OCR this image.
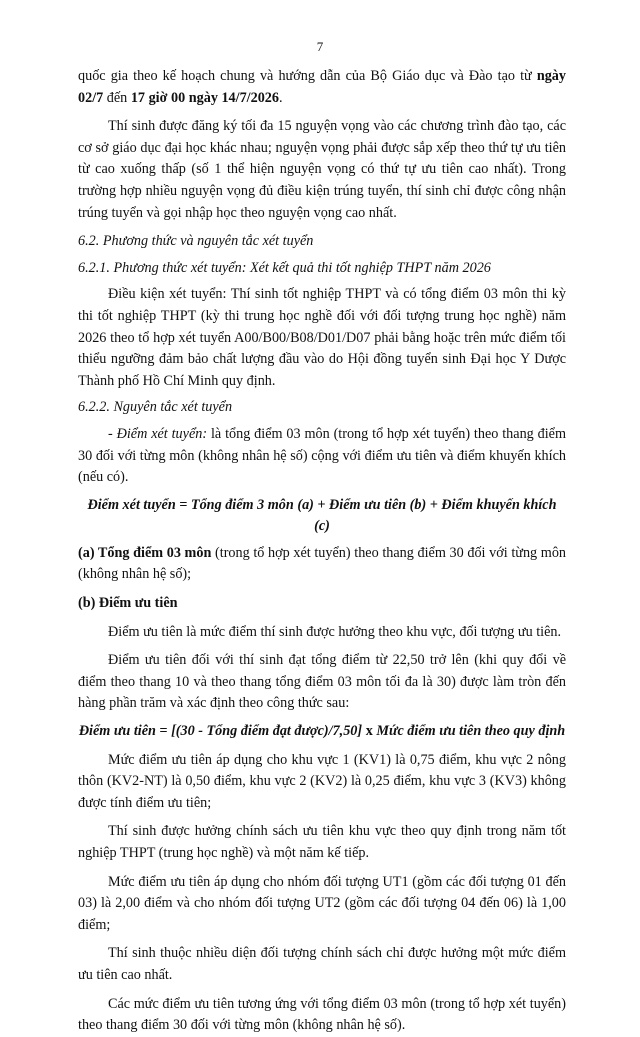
7

quốc gia theo kế hoạch chung và hướng dẫn của Bộ Giáo dục và Đào tạo từ ngày 02/7 đến 17 giờ 00 ngày 14/7/2026.

Thí sinh được đăng ký tối đa 15 nguyện vọng vào các chương trình đào tạo, các cơ sở giáo dục đại học khác nhau; nguyện vọng phải được sắp xếp theo thứ tự ưu tiên từ cao xuống thấp (số 1 thể hiện nguyện vọng có thứ tự ưu tiên cao nhất). Trong trường hợp nhiều nguyện vọng đủ điều kiện trúng tuyển, thí sinh chỉ được công nhận trúng tuyển và gọi nhập học theo nguyện vọng cao nhất.

6.2. Phương thức và nguyên tắc xét tuyển

6.2.1. Phương thức xét tuyển: Xét kết quả thi tốt nghiệp THPT năm 2026

Điều kiện xét tuyển: Thí sinh tốt nghiệp THPT và có tổng điểm 03 môn thi kỳ thi tốt nghiệp THPT (kỳ thi trung học nghề đối với đối tượng trung học nghề) năm 2026 theo tổ hợp xét tuyển A00/B00/B08/D01/D07 phải bằng hoặc trên mức điểm tối thiểu ngưỡng đảm bảo chất lượng đầu vào do Hội đồng tuyển sinh Đại học Y Dược Thành phố Hồ Chí Minh quy định.

6.2.2. Nguyên tắc xét tuyển

- Điểm xét tuyển: là tổng điểm 03 môn (trong tổ hợp xét tuyển) theo thang điểm 30 đối với từng môn (không nhân hệ số) cộng với điểm ưu tiên và điểm khuyến khích (nếu có).

Điểm xét tuyển = Tổng điểm 3 môn (a) + Điểm ưu tiên (b) + Điểm khuyến khích (c)

(a) Tổng điểm 03 môn (trong tổ hợp xét tuyển) theo thang điểm 30 đối với từng môn (không nhân hệ số);

(b) Điểm ưu tiên

Điểm ưu tiên là mức điểm thí sinh được hưởng theo khu vực, đối tượng ưu tiên.

Điểm ưu tiên đối với thí sinh đạt tổng điểm từ 22,50 trở lên (khi quy đổi về điểm theo thang 10 và theo thang tổng điểm 03 môn tối đa là 30) được làm tròn đến hàng phần trăm và xác định theo công thức sau:

Điểm ưu tiên = [(30 - Tổng điểm đạt được)/7,50] x Mức điểm ưu tiên theo quy định

Mức điểm ưu tiên áp dụng cho khu vực 1 (KV1) là 0,75 điểm, khu vực 2 nông thôn (KV2-NT) là 0,50 điểm, khu vực 2 (KV2) là 0,25 điểm, khu vực 3 (KV3) không được tính điểm ưu tiên;

Thí sinh được hưởng chính sách ưu tiên khu vực theo quy định trong năm tốt nghiệp THPT (trung học nghề) và một năm kế tiếp.

Mức điểm ưu tiên áp dụng cho nhóm đối tượng UT1 (gồm các đối tượng 01 đến 03) là 2,00 điểm và cho nhóm đối tượng UT2 (gồm các đối tượng 04 đến 06) là 1,00 điểm;

Thí sinh thuộc nhiều diện đối tượng chính sách chỉ được hưởng một mức điểm ưu tiên cao nhất.

Các mức điểm ưu tiên tương ứng với tổng điểm 03 môn (trong tổ hợp xét tuyển) theo thang điểm 30 đối với từng môn (không nhân hệ số).
